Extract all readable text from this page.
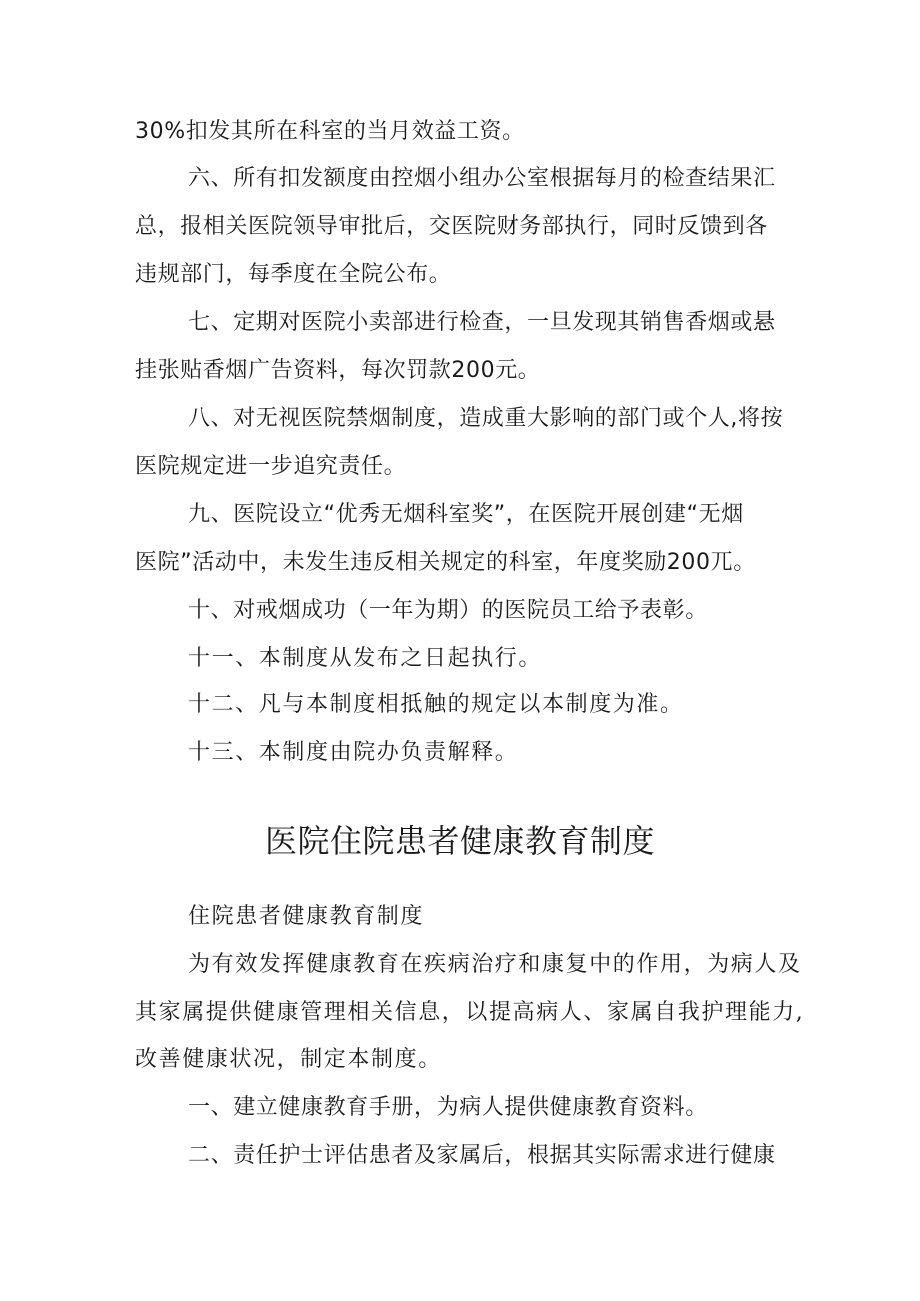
30%扣发其所在科室的当月效益工资。
六、所有扣发额度由控烟小组办公室根据每月的检查结果汇
总，报相关医院领导审批后，交医院财务部执行，同时反馈到各
违规部门，每季度在全院公布。
七、定期对医院小卖部进行检查，一旦发现其销售香烟或悬
挂张贴香烟广告资料，每次罚款200元。
八、对无视医院禁烟制度，造成重大影响的部门或个人,将按
医院规定进一步追究责任。
九、医院设立“优秀无烟科室奖”，在医院开展创建“无烟
医院”活动中，未发生违反相关规定的科室，年度奖励200兀。
十、对戒烟成功（一年为期）的医院员工给予表彰。
十一、本制度从发布之日起执行。
十二、凡与本制度相抵触的规定以本制度为准。
十三、本制度由院办负责解释。
医院住院患者健康教育制度
住院患者健康教育制度
为有效发挥健康教育在疾病治疗和康复中的作用，为病人及
其家属提供健康管理相关信息，以提高病人、家属自我护理能力,
改善健康状况，制定本制度。
一、建立健康教育手册，为病人提供健康教育资料。
二、责任护士评估患者及家属后，根据其实际需求进行健康
